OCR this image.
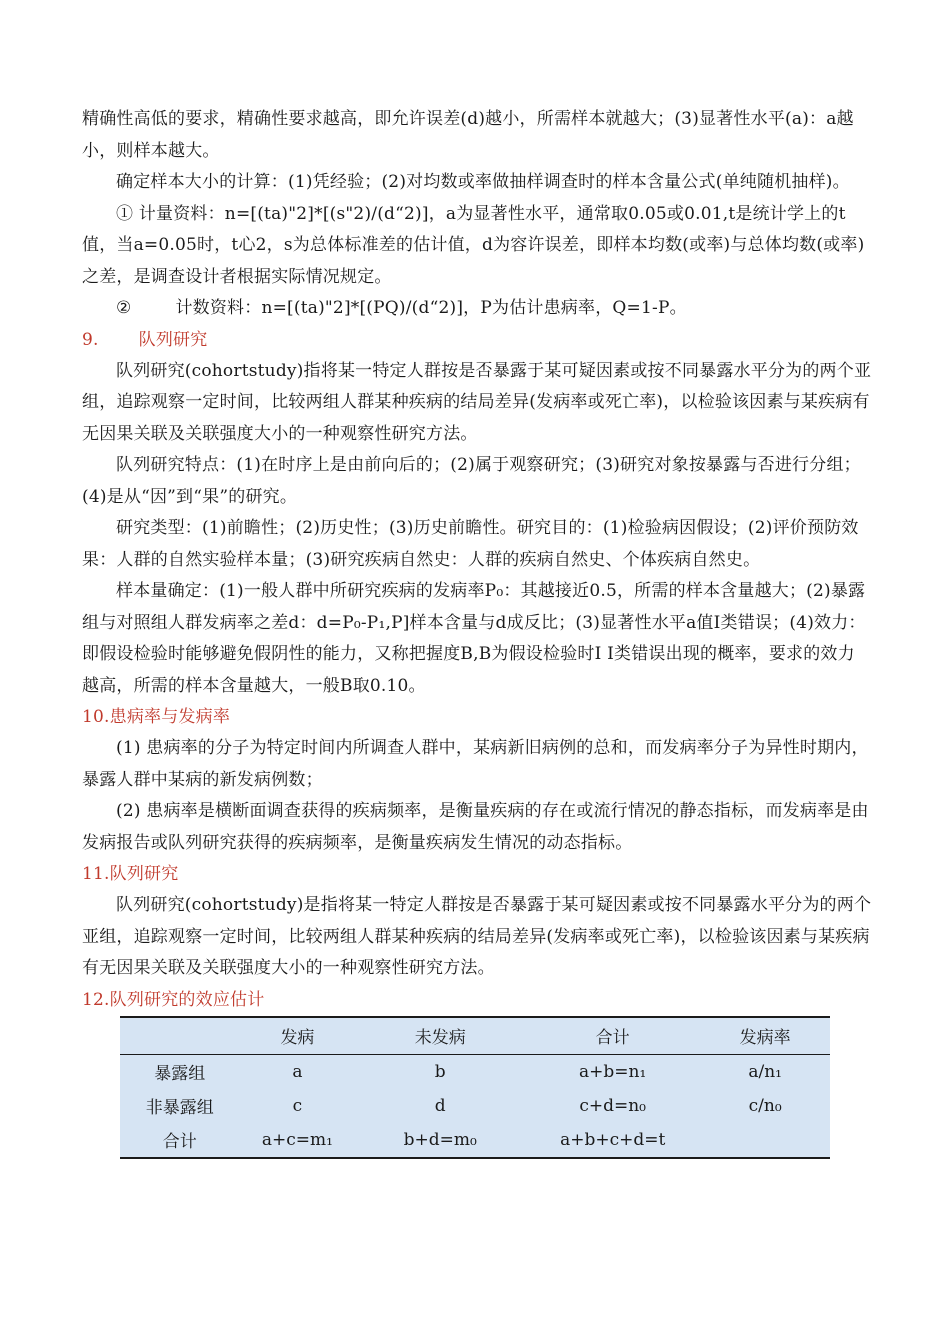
精确性高低的要求，精确性要求越高，即允许误差(d)越小，所需样本就越大；(3)显著性水平(a)：a越小，则样本越大。

确定样本大小的计算：(1)凭经验；(2)对均数或率做抽样调查时的样本含量公式(单纯随机抽样)。

① 计量资料：n=[(ta)"2]*[(s"2)/(d“2)]，a为显著性水平，通常取0.05或0.01,t是统计学上的t值，当a=0.05时，t心2，s为总体标准差的估计值，d为容许误差，即样本均数(或率)与总体均数(或率)之差，是调查设计者根据实际情况规定。

②	计数资料：n=[(ta)"2]*[(PQ)/(d“2)]，P为估计患病率，Q=1-P。

9. 队列研究

队列研究(cohortstudy)指将某一特定人群按是否暴露于某可疑因素或按不同暴露水平分为的两个亚组，追踪观察一定时间，比较两组人群某种疾病的结局差异(发病率或死亡率)，以检验该因素与某疾病有无因果关联及关联强度大小的一种观察性研究方法。

队列研究特点：(1)在时序上是由前向后的；(2)属于观察研究；(3)研究对象按暴露与否进行分组；(4)是从“因”到“果”的研究。

研究类型：(1)前瞻性；(2)历史性；(3)历史前瞻性。研究目的：(1)检验病因假设；(2)评价预防效果：人群的自然实验样本量；(3)研究疾病自然史：人群的疾病自然史、个体疾病自然史。

样本量确定：(1)一般人群中所研究疾病的发病率P₀：其越接近0.5，所需的样本含量越大；(2)暴露组与对照组人群发病率之差d：d=P₀-P₁,P]样本含量与d成反比；(3)显著性水平a值I类错误；(4)效力：即假设检验时能够避免假阴性的能力，又称把握度B,B为假设检验时I I类错误出现的概率，要求的效力越高，所需的样本含量越大，一般B取0.10。

10.患病率与发病率

(1) 患病率的分子为特定时间内所调查人群中，某病新旧病例的总和，而发病率分子为异性时期内，暴露人群中某病的新发病例数；

(2) 患病率是横断面调查获得的疾病频率，是衡量疾病的存在或流行情况的静态指标，而发病率是由发病报告或队列研究获得的疾病频率，是衡量疾病发生情况的动态指标。

11.队列研究

队列研究(cohortstudy)是指将某一特定人群按是否暴露于某可疑因素或按不同暴露水平分为的两个亚组，追踪观察一定时间，比较两组人群某种疾病的结局差异(发病率或死亡率)，以检验该因素与某疾病有无因果关联及关联强度大小的一种观察性研究方法。

12.队列研究的效应估计

	发病	未发病	合计	发病率
暴露组	a	b	a+b=n₁	a/n₁
非暴露组	c	d	c+d=n₀	c/n₀
合计	a+c=m₁	b+d=m₀	a+b+c+d=t	
